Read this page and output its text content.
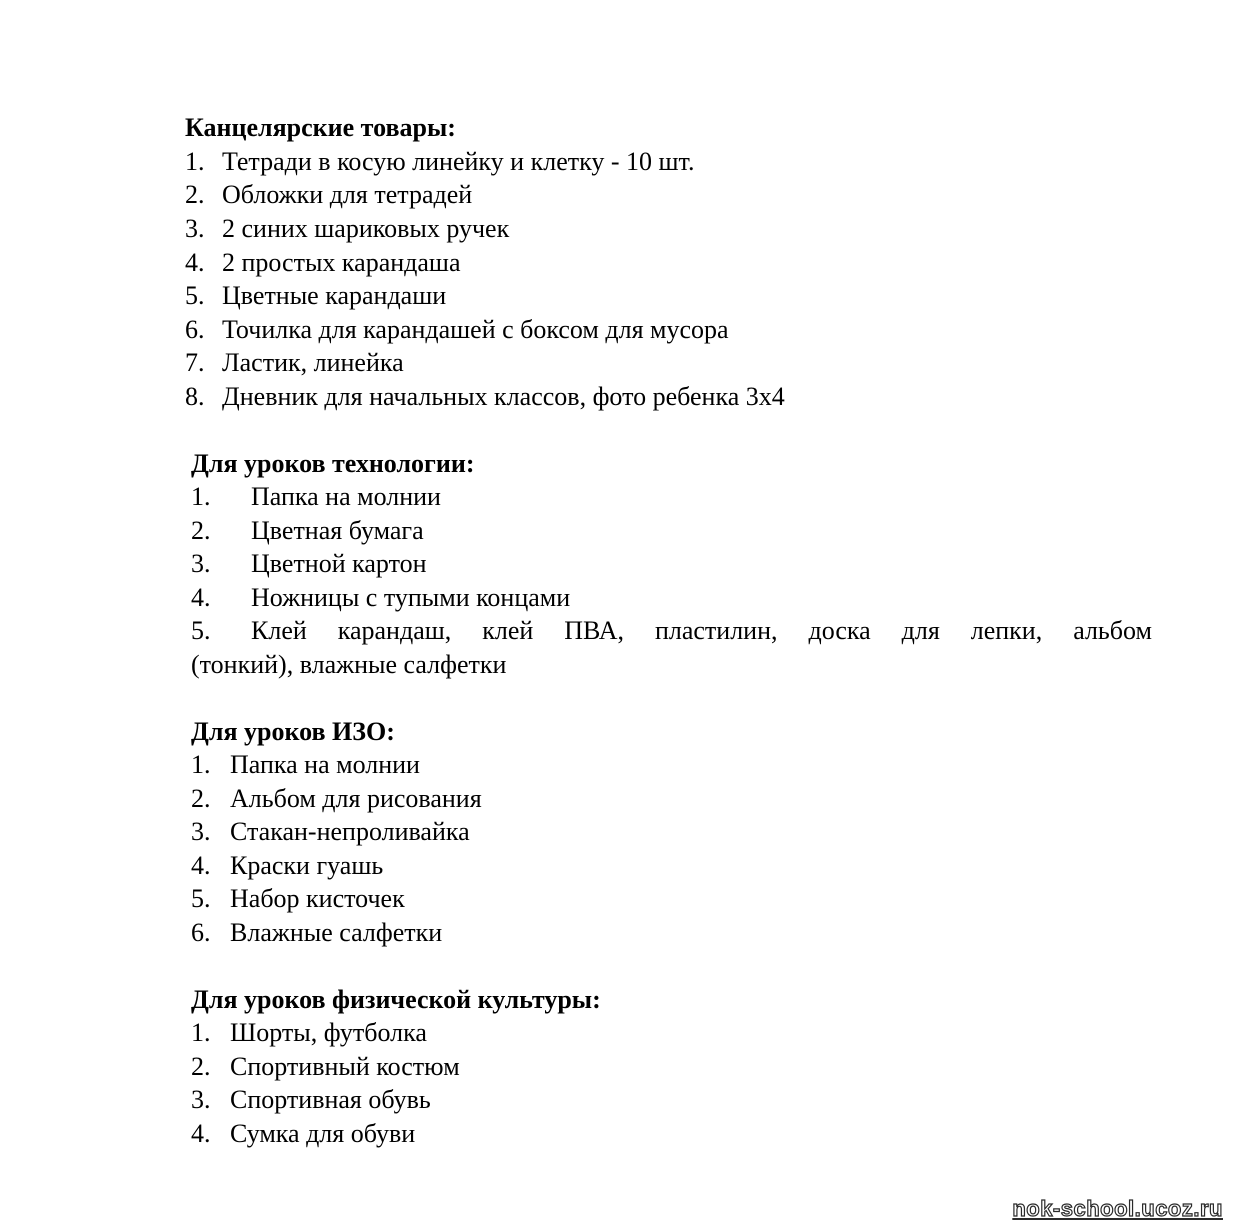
Канцелярские товары:
1. Тетради в косую линейку и клетку - 10 шт.
2. Обложки для тетрадей
3. 2 синих шариковых ручек
4. 2 простых карандаша
5. Цветные карандаши
6. Точилка для карандашей с боксом для мусора
7. Ластик, линейка
8. Дневник для начальных классов, фото ребенка 3х4
Для уроков технологии:
1. Папка на молнии
2. Цветная бумага
3. Цветной картон
4. Ножницы с тупыми концами
5.	Клей карандаш, клей ПВА, пластилин, доска для лепки, альбом
(тонкий), влажные салфетки
Для уроков ИЗО:
1. Папка на молнии
2. Альбом для рисования
3. Стакан-непроливайка
4. Краски гуашь
5. Набор кисточек
6. Влажные салфетки
Для уроков физической культуры:
1. Шорты, футболка
2. Спортивный костюм
3. Спортивная обувь
4. Сумка для обуви
nok-school.ucoz.ru
